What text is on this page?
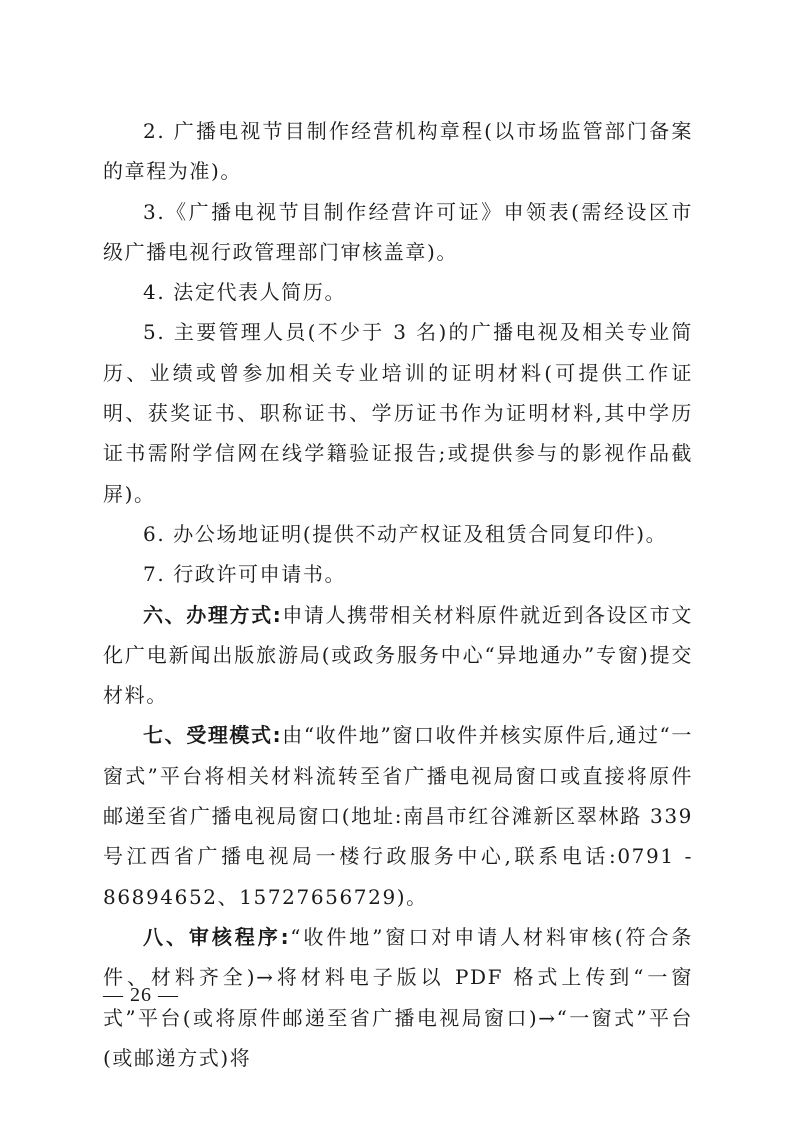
2. 广播电视节目制作经营机构章程(以市场监管部门备案的章程为准)。

3.《广播电视节目制作经营许可证》申领表(需经设区市级广播电视行政管理部门审核盖章)。

4. 法定代表人简历。

5. 主要管理人员(不少于 3 名)的广播电视及相关专业简历、业绩或曾参加相关专业培训的证明材料(可提供工作证明、获奖证书、职称证书、学历证书作为证明材料,其中学历证书需附学信网在线学籍验证报告;或提供参与的影视作品截屏)。

6. 办公场地证明(提供不动产权证及租赁合同复印件)。

7. 行政许可申请书。

六、办理方式:申请人携带相关材料原件就近到各设区市文化广电新闻出版旅游局(或政务服务中心“异地通办”专窗)提交材料。

七、受理模式:由“收件地”窗口收件并核实原件后,通过“一窗式”平台将相关材料流转至省广播电视局窗口或直接将原件邮递至省广播电视局窗口(地址:南昌市红谷滩新区翠林路 339 号江西省广播电视局一楼行政服务中心,联系电话:0791 - 86894652、15727656729)。

八、审核程序:“收件地”窗口对申请人材料审核(符合条件、材料齐全)→将材料电子版以 PDF 格式上传到“一窗式”平台(或将原件邮递至省广播电视局窗口)→“一窗式”平台(或邮递方式)将

— 26 —
